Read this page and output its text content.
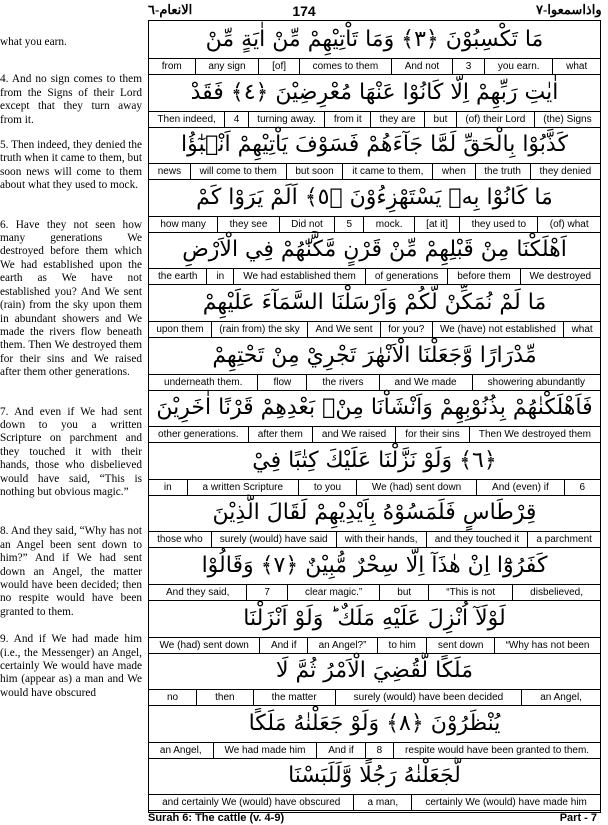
الانعام-٦	174	واذاسمعوا-٧

what you earn.

4. And no sign comes to them from the Signs of their Lord except that they turn away from it.

5. Then indeed, they denied the truth when it came to them, but soon news will come to them about what they used to mock.

6. Have they not seen how many generations We destroyed before them which We had established upon the earth as We have not established you? And We sent (rain) from the sky upon them in abundant showers and We made the rivers flow beneath them. Then We destroyed them for their sins and We raised after them other generations.

7. And even if We had sent down to you a written Scripture on parchment and they touched it with their hands, those who disbelieved would have said, “This is nothing but obvious magic.”

8. And they said, “Why has not an Angel been sent down to him?” And if We had sent down an Angel, the matter would have been decided; then no respite would have been granted to them.

9. And if We had made him (i.e., the Messenger) an Angel, certainly We would have made him (appear as) a man and We would have obscured

مَا تَكْسِبُوْنَ ﴿٣﴾ وَمَا تَاْتِيْهِمْ مِّنْ اٰيَةٍ مِّنْ
from	any sign	[of]	comes to them	And not	3	you earn.	what
اٰيٰتِ رَبِّهِمْ اِلَّا كَانُوْا عَنْهَا مُعْرِضِيْنَ ﴿٤﴾ فَقَدْ
Then indeed,	4	turning away.	from it	they are	but	(of) their Lord	(the) Signs
كَذَّبُوْا بِالْحَقِّ لَمَّا جَآءَهُمْ فَسَوْفَ يَاْتِيْهِمْ اَنْۢبٰٓؤُا
news	will come to them	but soon	it came to them,	when	the truth	they denied
مَا كَانُوْا بِهٖ يَسْتَهْزِءُوْنَ ﴿٥﴾ اَلَمْ يَرَوْا كَمْ
how many	they see	Did not	5	mock.	[at it]	they used to	(of) what
اَهْلَكْنَا مِنْ قَبْلِهِمْ مِّنْ قَرْنٍ مَّكَّنّٰهُمْ فِي الْاَرْضِ
the earth	in	We had established them	of generations	before them	We destroyed
مَا لَمْ نُمَكِّنْ لَّكُمْ وَاَرْسَلْنَا السَّمَآءَ عَلَيْهِمْ
upon them	(rain from) the sky	And We sent	for you?	We (have) not established	what
مِّدْرَارًا وَّجَعَلْنَا الْاَنْهٰرَ تَجْرِيْ مِنْ تَحْتِهِمْ
underneath them.	flow	the rivers	and We made	showering abundantly
فَاَهْلَكْنٰهُمْ بِذُنُوْبِهِمْ وَاَنْشَاْنَا مِنْۢ بَعْدِهِمْ قَرْنًا اٰخَرِيْنَ
other generations.	after them	and We raised	for their sins	Then We destroyed them
﴿٦﴾ وَلَوْ نَزَّلْنَا عَلَيْكَ كِتٰبًا فِيْ
in	a written Scripture	to you	We (had) sent down	And (even) if	6
قِرْطَاسٍ فَلَمَسُوْهُ بِاَيْدِيْهِمْ لَقَالَ الَّذِيْنَ
those who	surely (would) have said	with their hands,	and they touched it	a parchment
كَفَرُوْٓا اِنْ هٰذَآ اِلَّا سِحْرٌ مُّبِيْنٌ ﴿٧﴾ وَقَالُوْا
And they said,	7	clear magic.”	but	“This is not	disbelieved,
لَوْلَآ اُنْزِلَ عَلَيْهِ مَلَكٌ ؕ وَلَوْ اَنْزَلْنَا
We (had) sent down	And if	an Angel?”	to him	sent down	“Why has not been
مَلَكًا لَّقُضِيَ الْاَمْرُ ثُمَّ لَا
no	then	the matter	surely (would) have been decided	an Angel,
يُنْظَرُوْنَ ﴿٨﴾ وَلَوْ جَعَلْنٰهُ مَلَكًا
an Angel,	We had made him	And if	8	respite would have been granted to them.
لَّجَعَلْنٰهُ رَجُلًا وَّلَلَبَسْنَا
and certainly We (would) have obscured	a man,	certainly We (would) have made him
Surah 6: The cattle (v. 4-9)	Part - 7
